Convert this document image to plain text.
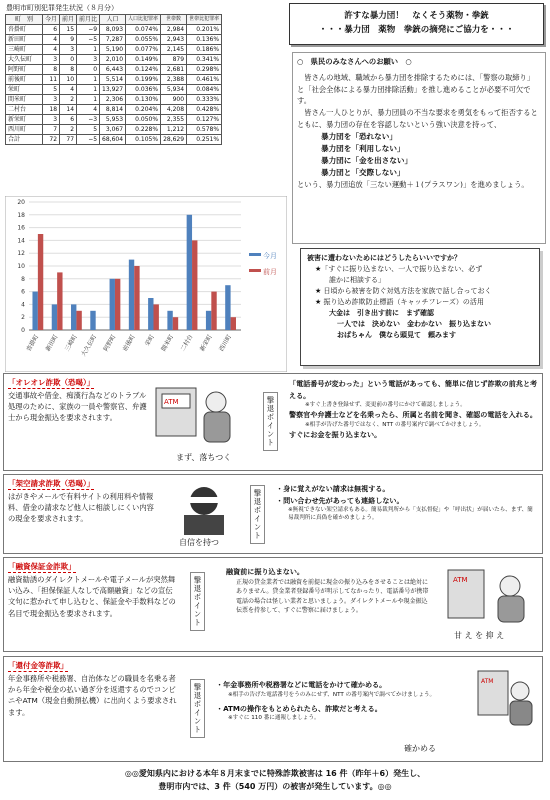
豊明市町別犯罪発生状況（８月分）
町　別	今月	前月	前月比	人口	人口比犯罪率	世帯数	世帯比犯罪率
沓掛町	6	15	−9	8,093	0.074%	2,984	0.201%
新田町	4	9	−5	7,287	0.055%	2,943	0.136%
三崎町	4	3	1	5,190	0.077%	2,145	0.186%
大久伝町	3	0	3	2,010	0.149%	879	0.341%
阿野町	8	8	0	6,443	0.124%	2,681	0.298%
前後町	11	10	1	5,514	0.199%	2,388	0.461%
栄町	5	4	1	13,927	0.036%	5,934	0.084%
間米町	3	2	1	2,306	0.130%	900	0.333%
二村台	18	14	4	8,814	0.204%	4,208	0.428%
新栄町	3	6	−3	5,953	0.050%	2,355	0.127%
西川町	7	2	5	3,067	0.228%	1,212	0.578%
合計	72	77	−5	68,604	0.105%	28,629	0.251%
0
2
4
6
8
10
12
14
16
18
20
沓掛町 新田町 三崎町 大久伝町 阿野町 前後町 栄町 間米町 二村台 新栄町 西川町
今月
前月
許すな暴力団！　なくそう薬物・拳銃
・・・暴力団　薬物　拳銃の摘発にご協力を・・・
○　県民のみなさんへのお願い　○
皆さんの地域、職域から暴力団を排除するためには、「警察の取締り」と「社会全体による暴力団排除活動」を推し進めることが必要不可欠です。
皆さん一人ひとりが、暴力団員の不当な要求を勇気をもって拒否するとともに、暴力団の存在を容認しないという強い決意を持って、
暴力団を「恐れない」
暴力団を「利用しない」
暴力団に「金を出さない」
暴力団と「交際しない」
という、暴力団追放「三ない運動＋１(プラスワン)」を進めましょう。
被害に遭わないためにはどうしたらいいですか？
★「すぐに振り込まない、一人で振り込まない、必ず
誰かに相談する」
★ 日頃から被害を防ぐ対処方法を家族で話し合っておく
★ 振り込め詐欺防止標語（キャッチフレーズ）の活用
大金は　引き出す前に　まず確認
一人では　決めない　金わかない　振り込まない
おばちゃん　僕なら頭見て　頼みます
「オレオレ詐欺（恐喝）」
交通事故や借金、痴漢行為などのトラブル処理のために、家族の一員や警察官、弁護士から現金振込を要求されます。
ATM
まず、落ちつく
撃退ポイント
「電話番号が変わった」という電話があっても、簡単に信じず詐欺の前兆と考える。
※すぐ上書き登録せず、変更前の番号にかけて確認しましょう。
警察官や弁護士などを名乗ったら、所属と名前を聞き、確認の電話を入れる。
※相手が告げた番号ではなく、NTT の番号案内で調べてかけましょう。
すぐにお金を振り込まない。
「架空請求詐欺（恐喝）」
はがきやメールで有料サイトの利用料や情報料、借金の請求など他人に相談しにくい内容の現金を要求されます。
自信を持つ
撃退ポイント
・身に覚えがない請求は無視する。
・問い合わせ先があっても連絡しない。
※無視できない架空請求もある。簡易裁判所から「支払督促」や「呼出状」が届いたら、まず、簡易裁判所に真偽を確かめましょう。
「融資保証金詐欺」
融資勧誘のダイレクトメールや電子メールが突然舞い込み、「担保保証人なしで高額融資」などの宣伝文句に惹かれて申し込むと、保証金や手数料などの名目で現金振込を要求されます。	撃退ポイント
融資前に振り込まない。
正規の貸金業者では融資を前提に現金の振り込みをさせることは絶対にありません。貸金業者登録番号が明示してなかったり、電話番号が携帯電話の場合は怪しい業者と思いましょう。ダイレクトメールや現金振込伝票を持参して、すぐに警察に届けましょう。
ATM
甘 え を 抑 え
「還付金等詐欺」
年金事務所や税務署、自治体などの職員を名乗る者から年金や税金の払い過ぎ分を返還するのでコンビニやATM（現金自動預払機）に出向くよう要求されます。	撃退ポイント	・年金事務所や税務署などに電話をかけて確かめる。
※相手の告げた電話番号をうのみにせず、NTT の番号案内で調べてかけましょう。
・ATMの操作をもとめられたら、詐欺だと考える。
※すぐに 110 番に通報しましょう。
ATM
確かめる
◎◎愛知県内における本年８月末までに特殊詐欺被害は 16 件（昨年＋6）発生し、
豊明市内では、3 件（540 万円）の被害が発生しています。◎◎
